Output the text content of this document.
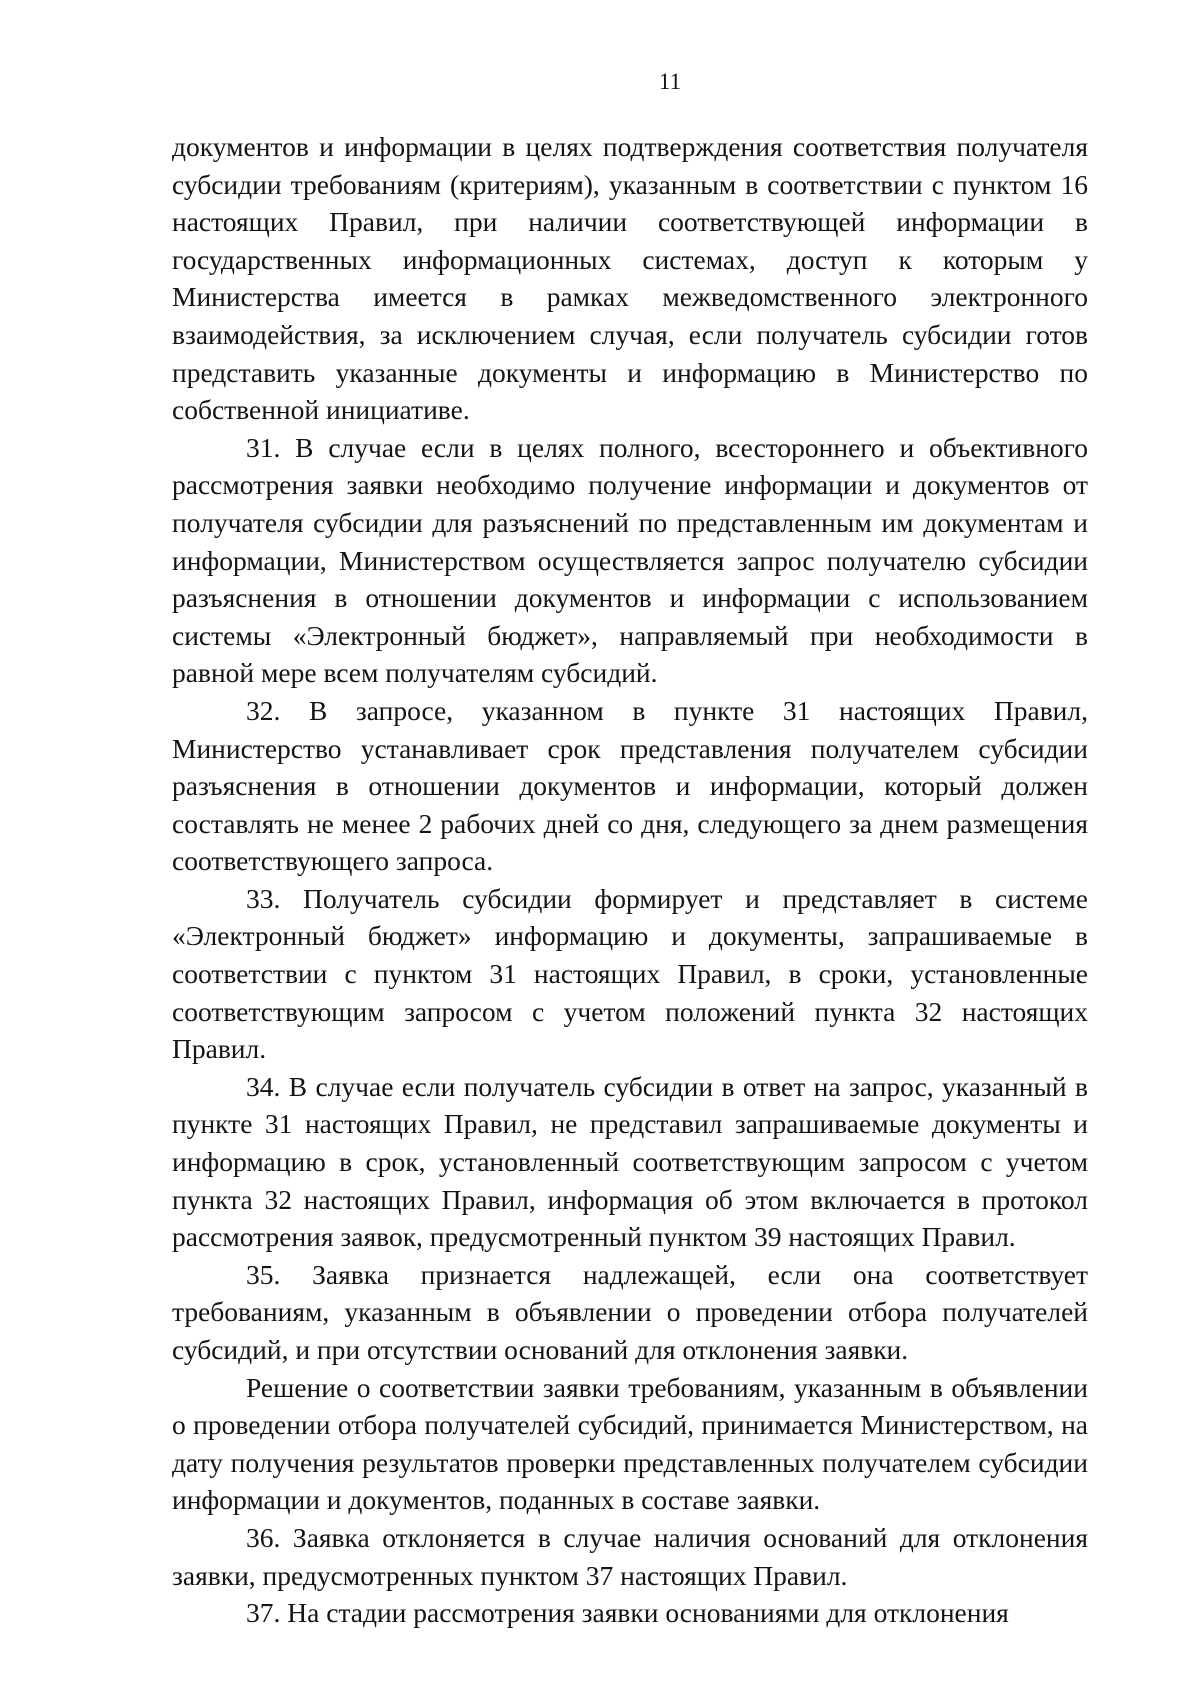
11

документов и информации в целях подтверждения соответствия получателя субсидии требованиям (критериям), указанным в соответствии с пунктом 16 настоящих Правил, при наличии соответствующей информации в государственных информационных системах, доступ к которым у Министерства имеется в рамках межведомственного электронного взаимодействия, за исключением случая, если получатель субсидии готов представить указанные документы и информацию в Министерство по собственной инициативе.

31. В случае если в целях полного, всестороннего и объективного рассмотрения заявки необходимо получение информации и документов от получателя субсидии для разъяснений по представленным им документам и информации, Министерством осуществляется запрос получателю субсидии разъяснения в отношении документов и информации с использованием системы «Электронный бюджет», направляемый при необходимости в равной мере всем получателям субсидий.

32. В запросе, указанном в пункте 31 настоящих Правил, Министерство устанавливает срок представления получателем субсидии разъяснения в отношении документов и информации, который должен составлять не менее 2 рабочих дней со дня, следующего за днем размещения соответствующего запроса.

33. Получатель субсидии формирует и представляет в системе «Электронный бюджет» информацию и документы, запрашиваемые в соответствии с пунктом 31 настоящих Правил, в сроки, установленные соответствующим запросом с учетом положений пункта 32 настоящих Правил.

34. В случае если получатель субсидии в ответ на запрос, указанный в пункте 31 настоящих Правил, не представил запрашиваемые документы и информацию в срок, установленный соответствующим запросом с учетом пункта 32 настоящих Правил, информация об этом включается в протокол рассмотрения заявок, предусмотренный пунктом 39 настоящих Правил.

35. Заявка признается надлежащей, если она соответствует требованиям, указанным в объявлении о проведении отбора получателей субсидий, и при отсутствии оснований для отклонения заявки.

Решение о соответствии заявки требованиям, указанным в объявлении о проведении отбора получателей субсидий, принимается Министерством, на дату получения результатов проверки представленных получателем субсидии информации и документов, поданных в составе заявки.

36. Заявка отклоняется в случае наличия оснований для отклонения заявки, предусмотренных пунктом 37 настоящих Правил.

37. На стадии рассмотрения заявки основаниями для отклонения
